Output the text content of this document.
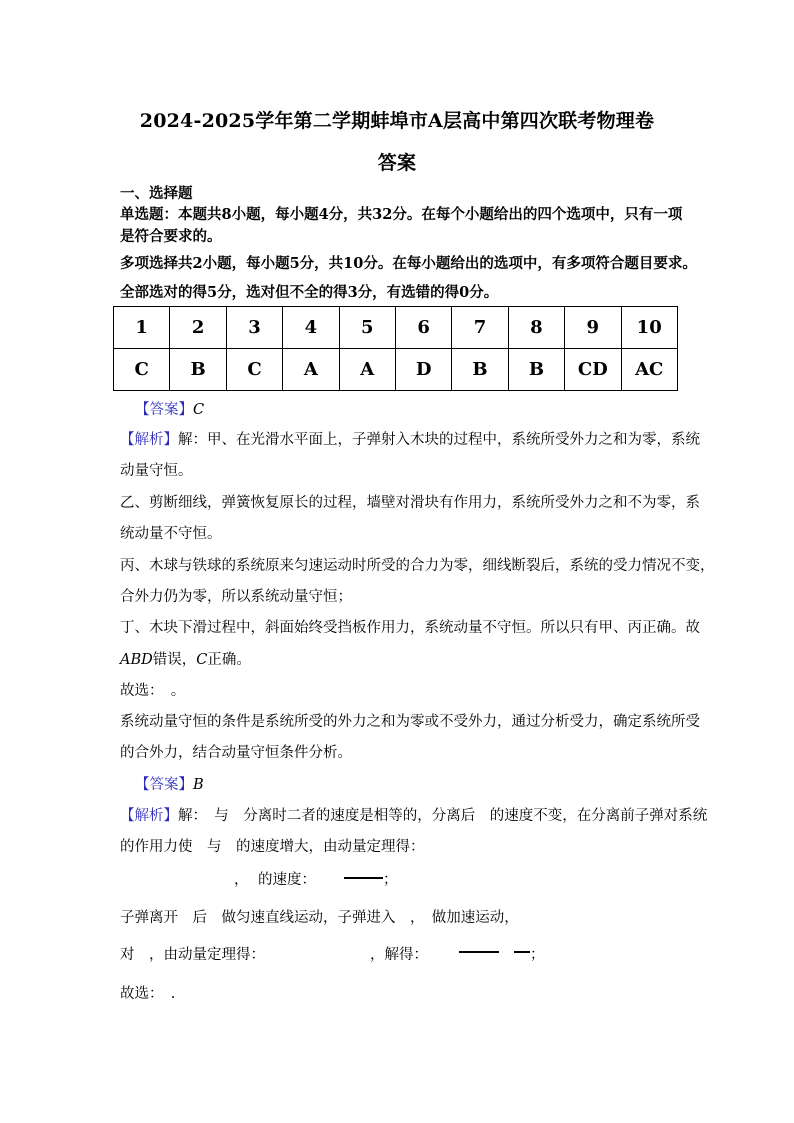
2024-2025学年第二学期蚌埠市A层高中第四次联考物理卷
答案
一、选择题
单选题：本题共8小题，每小题4分，共32分。在每个小题给出的四个选项中，只有一项
是符合要求的。
多项选择共2小题，每小题5分，共10分。在每小题给出的选项中，有多项符合题目要求。
全部选对的得5分，选对但不全的得3分，有选错的得0分。
1	2	3	4	5	6	7	8	9	10
C	B	C	A	A	D	B	B	CD	AC
【答案】C
【解析】解：甲、在光滑水平面上，子弹射入木块的过程中，系统所受外力之和为零，系统
动量守恒。
乙、剪断细线，弹簧恢复原长的过程，墙壁对滑块有作用力，系统所受外力之和不为零，系
统动量不守恒。
丙、木球与铁球的系统原来匀速运动时所受的合力为零，细线断裂后，系统的受力情况不变，
合外力仍为零，所以系统动量守恒；
丁、木块下滑过程中，斜面始终受挡板作用力，系统动量不守恒。所以只有甲、丙正确。故
ABD错误，C正确。
故选：　。
系统动量守恒的条件是系统所受的外力之和为零或不受外力，通过分析受力，确定系统所受
的合外力，结合动量守恒条件分析。
【答案】B
【解析】解：　与　分离时二者的速度是相等的，分离后　的速度不变，在分离前子弹对系统
的作用力使　与　的速度增大，由动量定理得：
， 的速度：	；
子弹离开　后　做匀速直线运动，子弹进入　，　做加速运动，
对　，由动量定理得：	，解得：	；
故选：　.
